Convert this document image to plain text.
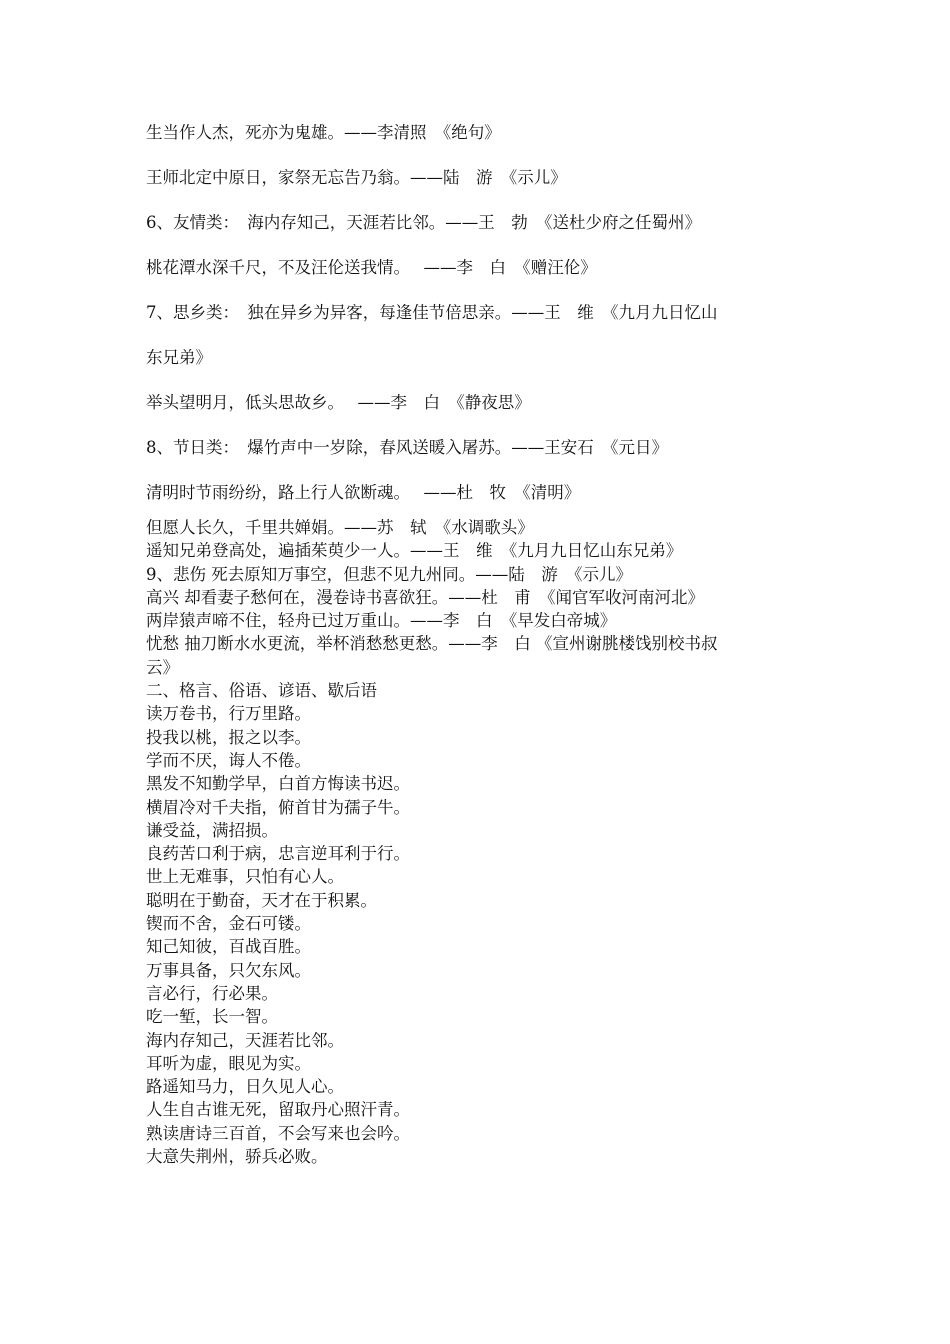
生当作人杰，死亦为鬼雄。——李清照　《绝句》
王师北定中原日，家祭无忘告乃翁。——陆　游　《示儿》
6、友情类：　海内存知己，天涯若比邻。——王　勃　《送杜少府之任蜀州》
桃花潭水深千尺，不及汪伦送我情。　 ——李　白　《赠汪伦》
7、思乡类：　独在异乡为异客，每逢佳节倍思亲。——王　维　《九月九日忆山
东兄弟》
举头望明月，低头思故乡。　 ——李　白　《静夜思》
8、节日类：　爆竹声中一岁除，春风送暖入屠苏。——王安石　《元日》
清明时节雨纷纷，路上行人欲断魂。　 ——杜　牧　《清明》
但愿人长久，千里共婵娟。——苏　轼　《水调歌头》
遥知兄弟登高处，遍插茱萸少一人。——王　维　《九月九日忆山东兄弟》
9、悲伤 死去原知万事空，但悲不见九州同。——陆　游　《示儿》
高兴 却看妻子愁何在，漫卷诗书喜欲狂。——杜　甫　《闻官军收河南河北》
两岸猿声啼不住，轻舟已过万重山。——李　白　《早发白帝城》
忧愁 抽刀断水水更流，举杯消愁愁更愁。——李　白 《宣州谢朓楼饯别校书叔
云》
二、格言、俗语、谚语、歇后语
读万卷书，行万里路。
投我以桃，报之以李。
学而不厌，诲人不倦。
黑发不知勤学早，白首方悔读书迟。
横眉冷对千夫指，俯首甘为孺子牛。
谦受益，满招损。
良药苦口利于病，忠言逆耳利于行。
世上无难事，只怕有心人。
聪明在于勤奋，天才在于积累。
锲而不舍，金石可镂。
知己知彼，百战百胜。
万事具备，只欠东风。
言必行，行必果。
吃一堑，长一智。
海内存知己，天涯若比邻。
耳听为虚，眼见为实。
路遥知马力，日久见人心。
人生自古谁无死，留取丹心照汗青。
熟读唐诗三百首，不会写来也会吟。
大意失荆州，骄兵必败。
